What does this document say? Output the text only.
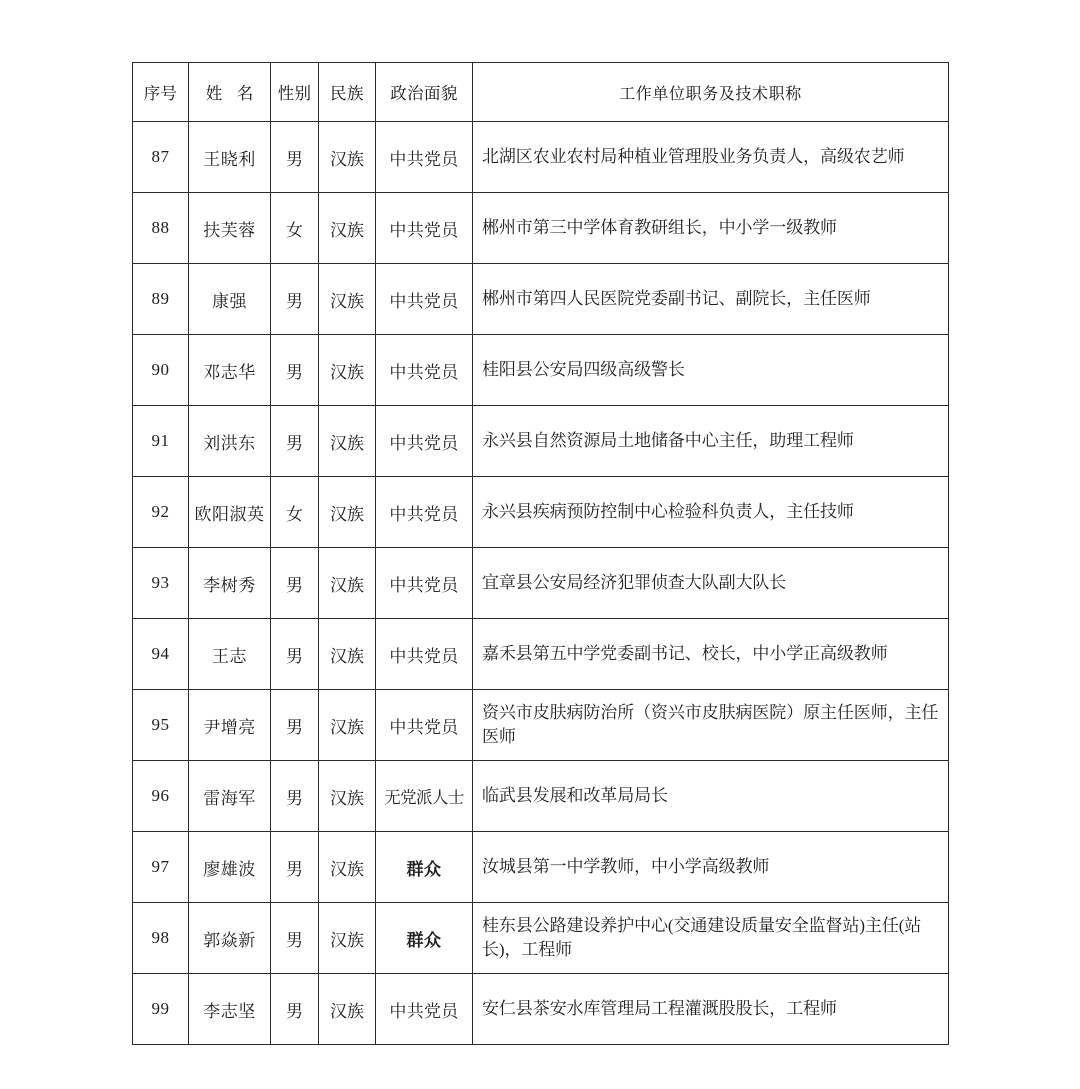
序号	姓 名	性别	民族	政治面貌	工作单位职务及技术职称
87	王晓利	男	汉族	中共党员	北湖区农业农村局种植业管理股业务负责人，高级农艺师
88	扶芙蓉	女	汉族	中共党员	郴州市第三中学体育教研组长，中小学一级教师
89	康强	男	汉族	中共党员	郴州市第四人民医院党委副书记、副院长，主任医师
90	邓志华	男	汉族	中共党员	桂阳县公安局四级高级警长
91	刘洪东	男	汉族	中共党员	永兴县自然资源局土地储备中心主任，助理工程师
92	欧阳淑英	女	汉族	中共党员	永兴县疾病预防控制中心检验科负责人，主任技师
93	李树秀	男	汉族	中共党员	宜章县公安局经济犯罪侦查大队副大队长
94	王志	男	汉族	中共党员	嘉禾县第五中学党委副书记、校长，中小学正高级教师
95	尹增亮	男	汉族	中共党员	资兴市皮肤病防治所（资兴市皮肤病医院）原主任医师，主任医师
96	雷海军	男	汉族	无党派人士	临武县发展和改革局局长
97	廖雄波	男	汉族	群众	汝城县第一中学教师，中小学高级教师
98	郭焱新	男	汉族	群众	桂东县公路建设养护中心(交通建设质量安全监督站)主任(站长)，工程师
99	李志坚	男	汉族	中共党员	安仁县茶安水库管理局工程灌溉股股长，工程师
